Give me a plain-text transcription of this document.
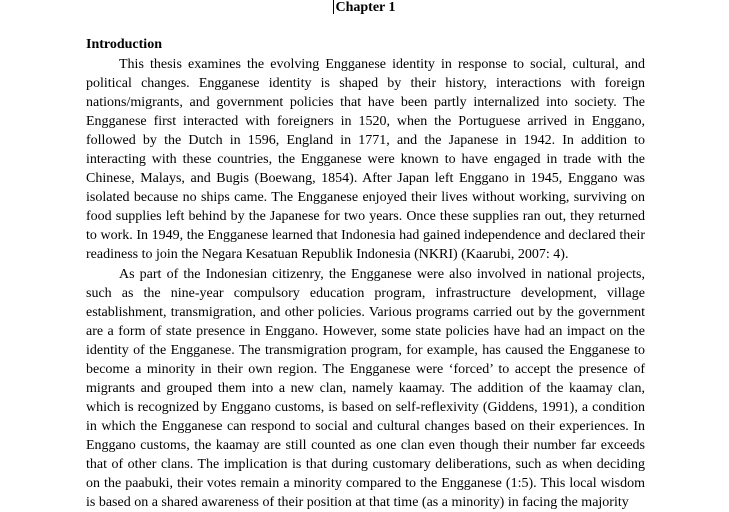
Chapter 1
Introduction

This thesis examines the evolving Engganese identity in response to social, cultural, and political changes. Engganese identity is shaped by their history, interactions with foreign nations/migrants, and government policies that have been partly internalized into society. The Engganese first interacted with foreigners in 1520, when the Portuguese arrived in Enggano, followed by the Dutch in 1596, England in 1771, and the Japanese in 1942. In addition to interacting with these countries, the Engganese were known to have engaged in trade with the Chinese, Malays, and Bugis (Boewang, 1854). After Japan left Enggano in 1945, Enggano was isolated because no ships came. The Engganese enjoyed their lives without working, surviving on food supplies left behind by the Japanese for two years. Once these supplies ran out, they returned to work. In 1949, the Engganese learned that Indonesia had gained independence and declared their readiness to join the Negara Kesatuan Republik Indonesia (NKRI) (Kaarubi, 2007: 4).

As part of the Indonesian citizenry, the Engganese were also involved in national projects, such as the nine-year compulsory education program, infrastructure development, village establishment, transmigration, and other policies. Various programs carried out by the government are a form of state presence in Enggano. However, some state policies have had an impact on the identity of the Engganese. The transmigration program, for example, has caused the Engganese to become a minority in their own region. The Engganese were ‘forced’ to accept the presence of migrants and grouped them into a new clan, namely kaamay. The addition of the kaamay clan, which is recognized by Enggano customs, is based on self-reflexivity (Giddens, 1991), a condition in which the Engganese can respond to social and cultural changes based on their experiences. In Enggano customs, the kaamay are still counted as one clan even though their number far exceeds that of other clans. The implication is that during customary deliberations, such as when deciding on the paabuki, their votes remain a minority compared to the Engganese (1:5). This local wisdom is based on a shared awareness of their position at that time (as a minority) in facing the majority
